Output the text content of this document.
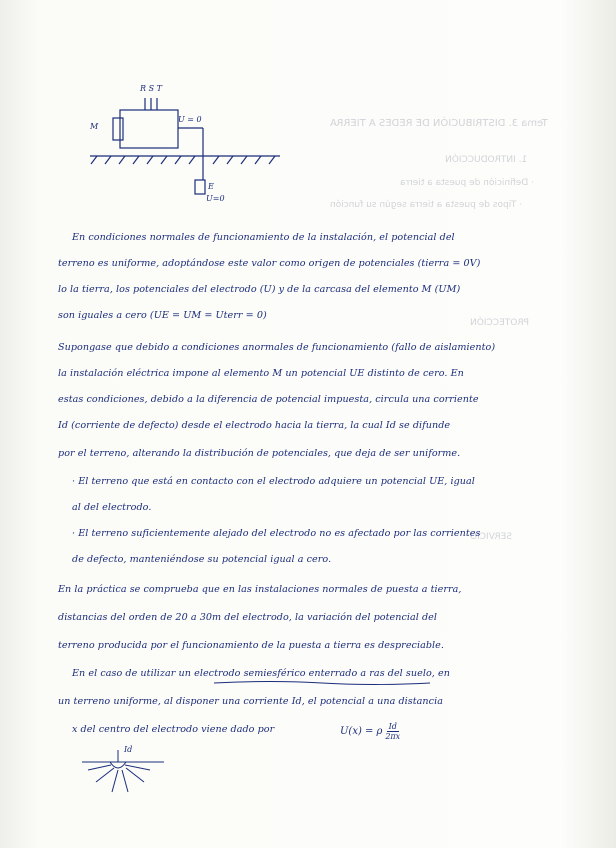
Tema 3. DISTRIBUCIÓN DE REDES A TIERRA
1. INTRODUCCIÓN
· Definición de puesta a tierra
· Tipos de puesta a tierra según su función
PROTECCIÓN
SERVICIO
R S T
M
U = 0
E
U=0
En condiciones normales de funcionamiento de la instalación, el potencial del
terreno es uniforme, adoptándose este valor como origen de potenciales (tierra = 0V)
lo la tierra, los potenciales del electrodo (U) y de la carcasa del elemento M (UM)
son iguales a cero (UE = UM = Uterr = 0)
Supongase que debido a condiciones anormales de funcionamiento (fallo de aislamiento)
la instalación eléctrica impone al elemento M un potencial UE distinto de cero. En
estas condiciones, debido a la diferencia de potencial impuesta, circula una corriente
Id (corriente de defecto) desde el electrodo hacia la tierra, la cual Id se difunde
por el terreno, alterando la distribución de potenciales, que deja de ser uniforme.
· El terreno que está en contacto con el electrodo adquiere un potencial UE, igual
al del electrodo.
· El terreno suficientemente alejado del electrodo no es afectado por las corrientes
de defecto, manteniéndose su potencial igual a cero.
En la práctica se comprueba que en las instalaciones normales de puesta a tierra,
distancias del orden de 20 a 30m del electrodo, la variación del potencial del
terreno producida por el funcionamiento de la puesta a tierra es despreciable.
En el caso de utilizar un electrodo semiesférico enterrado a ras del suelo, en
un terreno uniforme, al disponer una corriente Id, el potencial a una distancia
x del centro del electrodo viene dado por	U(x) = ρ $\frac{Id}{2\pi x}$
Id
